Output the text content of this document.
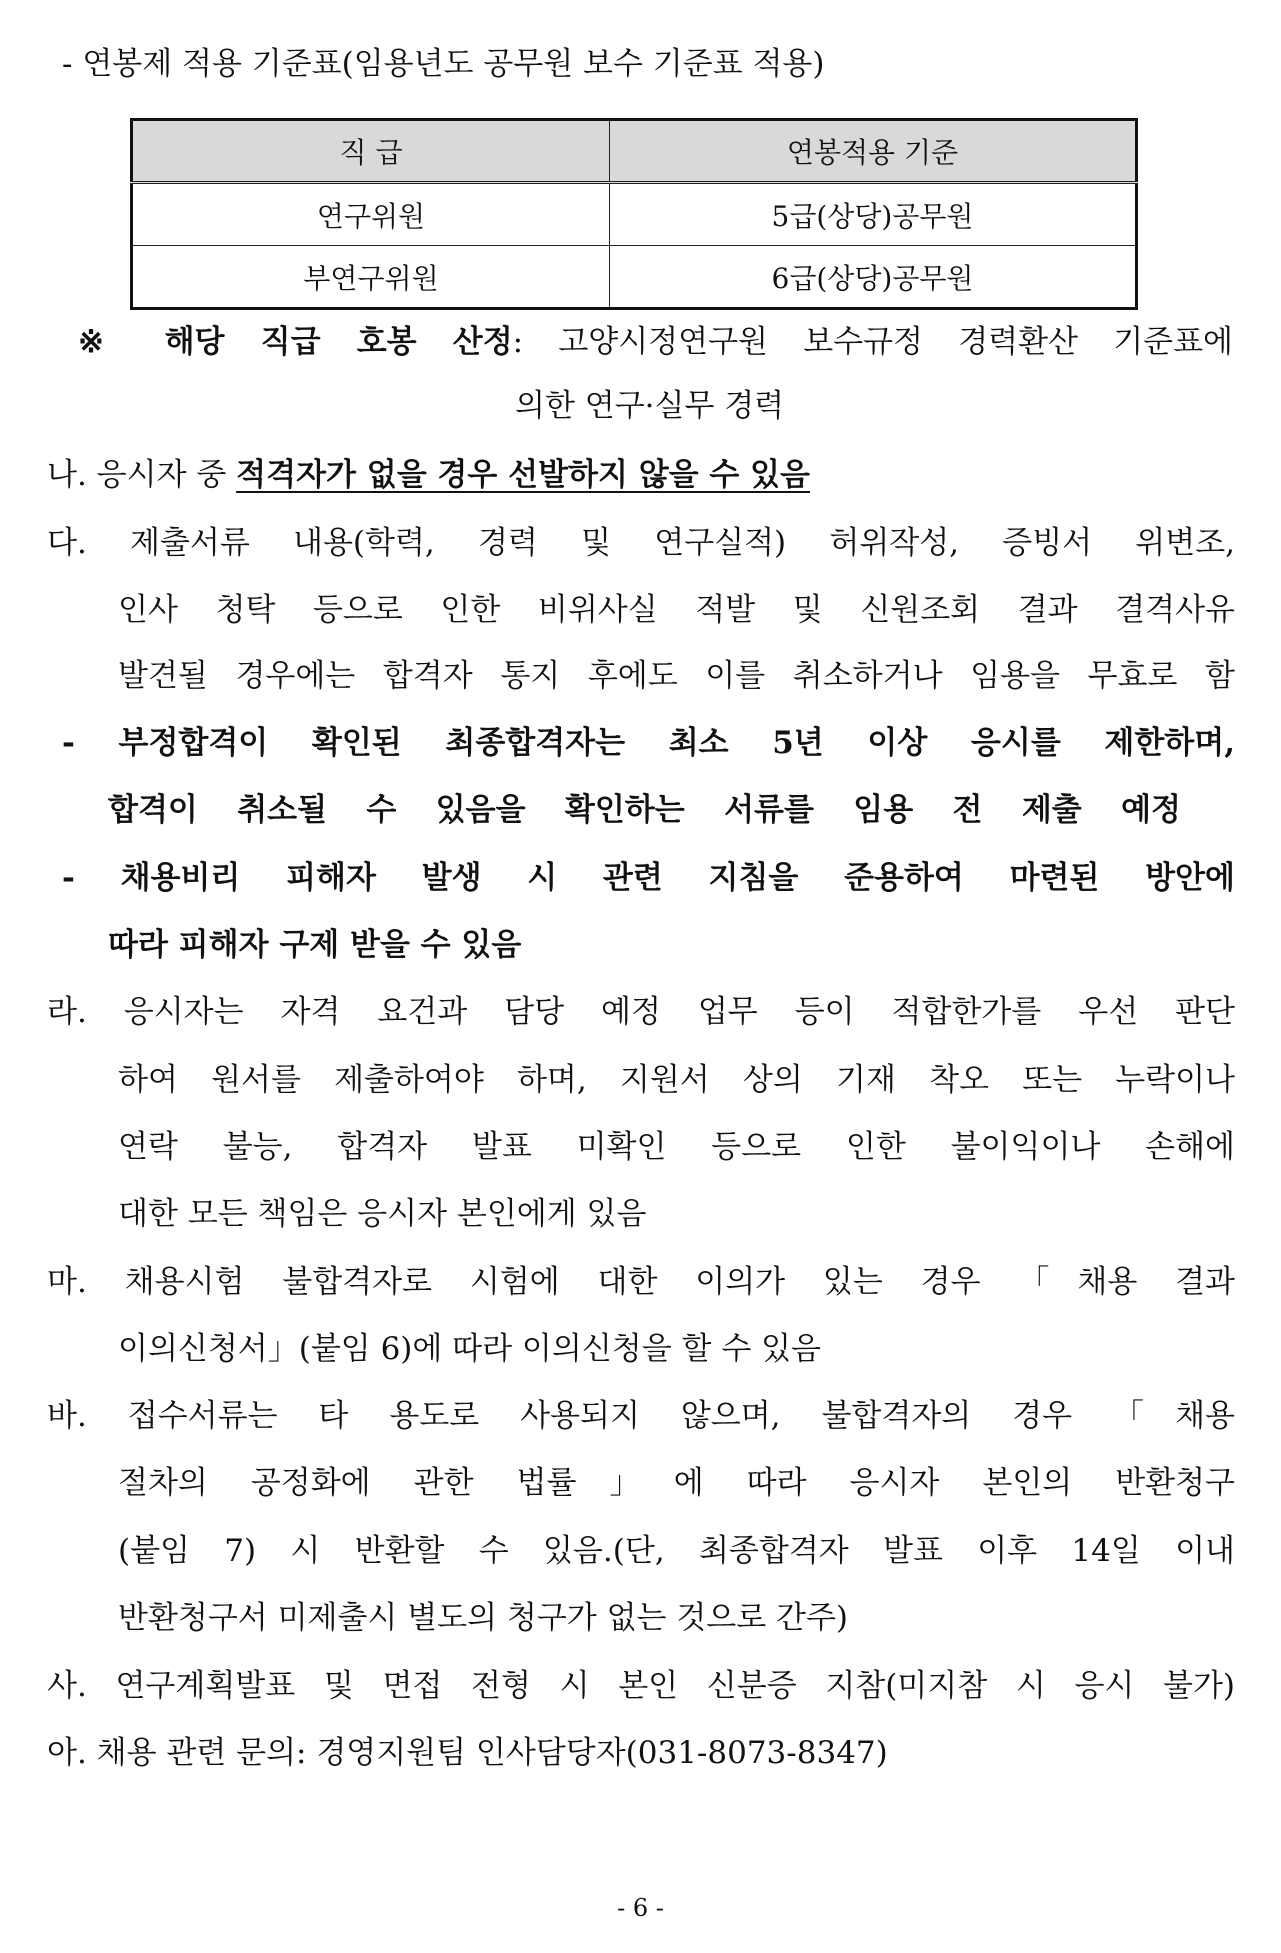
- 연봉제 적용 기준표(임용년도 공무원 보수 기준표 적용)
직 급	연봉적용 기준
연구위원	5급(상당)공무원
부연구위원	6급(상당)공무원
※ 해당 직급 호봉 산정: 고양시정연구원 보수규정 경력환산 기준표에
의한 연구·실무 경력
나. 응시자 중 적격자가 없을 경우 선발하지 않을 수 있음
다. 제출서류 내용(학력, 경력 및 연구실적) 허위작성, 증빙서 위변조,
인사 청탁 등으로 인한 비위사실 적발 및 신원조회 결과 결격사유
발견될 경우에는 합격자 통지 후에도 이를 취소하거나 임용을 무효로 함
- 부정합격이 확인된 최종합격자는 최소 5년 이상 응시를 제한하며,
합격이 취소될 수 있음을 확인하는 서류를 임용 전 제출 예정
- 채용비리 피해자 발생 시 관련 지침을 준용하여 마련된 방안에
따라 피해자 구제 받을 수 있음
라. 응시자는 자격 요건과 담당 예정 업무 등이 적합한가를 우선 판단
하여 원서를 제출하여야 하며, 지원서 상의 기재 착오 또는 누락이나
연락 불능, 합격자 발표 미확인 등으로 인한 불이익이나 손해에
대한 모든 책임은 응시자 본인에게 있음
마. 채용시험 불합격자로 시험에 대한 이의가 있는 경우 「채용 결과
이의신청서」(붙임 6)에 따라 이의신청을 할 수 있음
바. 접수서류는 타 용도로 사용되지 않으며, 불합격자의 경우 「채용
절차의 공정화에 관한 법률」에 따라 응시자 본인의 반환청구
(붙임 7) 시 반환할 수 있음.(단, 최종합격자 발표 이후 14일 이내
반환청구서 미제출시 별도의 청구가 없는 것으로 간주)
사. 연구계획발표 및 면접 전형 시 본인 신분증 지참(미지참 시 응시 불가)
아. 채용 관련 문의: 경영지원팀 인사담당자(031-8073-8347)
- 6 -
